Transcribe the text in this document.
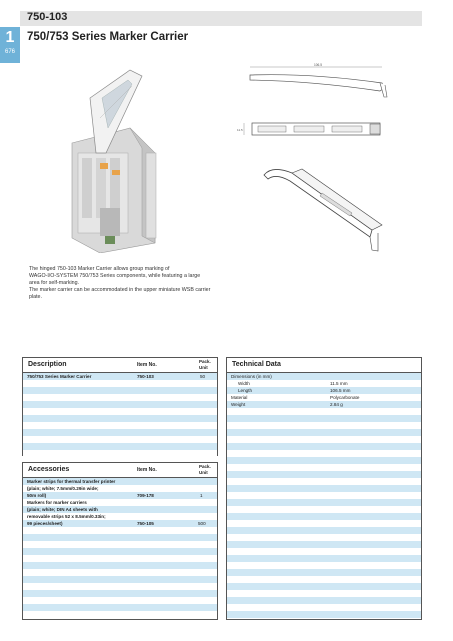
750-103
750/753 Series Marker Carrier
1
676
106.5
11.5
The hinged 750-103 Marker Carrier allows group marking of
WAGO-I/O-SYSTEM 750/753 Series components, while featuring a large
area for self-marking.
The marker carrier can be accommodated in the upper miniature WSB carrier
plate.
Description	Item No.
Pack.
Unit
750/753 Series Marker Carrier	750-103	50
Accessories	Item No.
Pack.
Unit
Marker strips for thermal transfer printer
(plain; white; 7.5mm/0.29in wide;
50m roll)	709-178	1
Markers for marker carriers
(plain; white; DIN A4 sheets with
removable strips 52 x 8.5mm/0.33in;
99 pieces/sheet)	750-105	500
Technical Data
Dimensions (in mm)
Width	11.5 mm
Length	106.5 mm
Material	Polycarbonate
Weight	2.84 g
